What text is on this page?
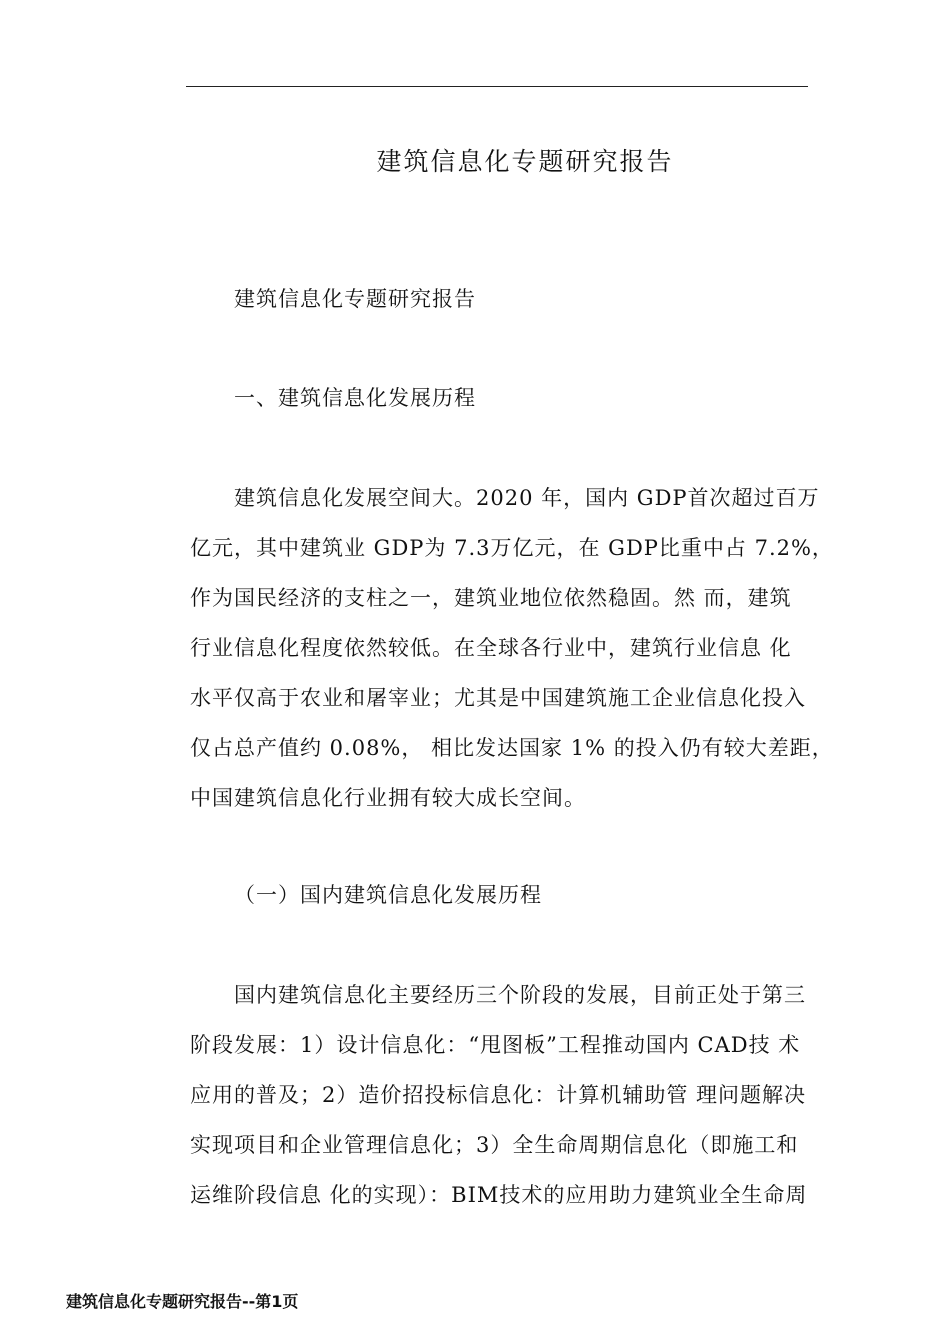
建筑信息化专题研究报告
建筑信息化专题研究报告
一、建筑信息化发展历程
建筑信息化发展空间大。2020 年，国内 GDP首次超过百万
亿元，其中建筑业 GDP为 7.3万亿元，在 GDP比重中占 7.2%，
作为国民经济的支柱之一，建筑业地位依然稳固。然 而，建筑
行业信息化程度依然较低。在全球各行业中，建筑行业信息 化
水平仅高于农业和屠宰业；尤其是中国建筑施工企业信息化投入
仅占总产值约 0.08%， 相比发达国家 1% 的投入仍有较大差距，
中国建筑信息化行业拥有较大成长空间。
（一）国内建筑信息化发展历程
国内建筑信息化主要经历三个阶段的发展，目前正处于第三
阶段发展：1）设计信息化：“甩图板”工程推动国内 CAD技 术
应用的普及；2）造价招投标信息化：计算机辅助管 理问题解决
实现项目和企业管理信息化；3）全生命周期信息化（即施工和
运维阶段信息 化的实现）：BIM技术的应用助力建筑业全生命周
建筑信息化专题研究报告--第1页
